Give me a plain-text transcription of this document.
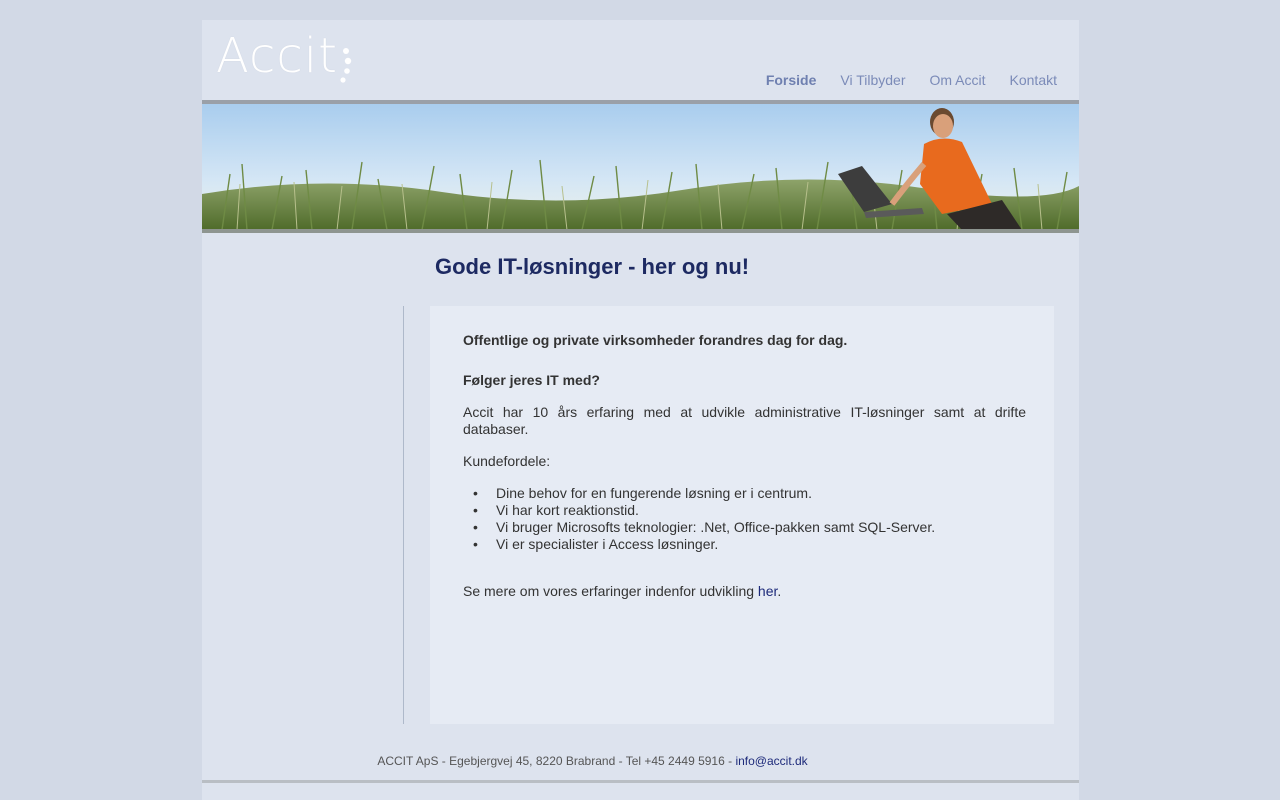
Accit	Forside Vi Tilbyder Om Accit Kontakt
Gode IT-løsninger - her og nu!

Offentlige og private virksomheder forandres dag for dag.

Følger jeres IT med?

Accit har 10 års erfaring med at udvikle administrative IT-løsninger samt at drifte databaser.

Kundefordele:

• Dine behov for en fungerende løsning er i centrum.
• Vi har kort reaktionstid.
• Vi bruger Microsofts teknologier: .Net, Office-pakken samt SQL-Server.
• Vi er specialister i Access løsninger.

Se mere om vores erfaringer indenfor udvikling her.

ACCIT ApS - Egebjergvej 45, 8220 Brabrand - Tel +45 2449 5916 - info@accit.dk
